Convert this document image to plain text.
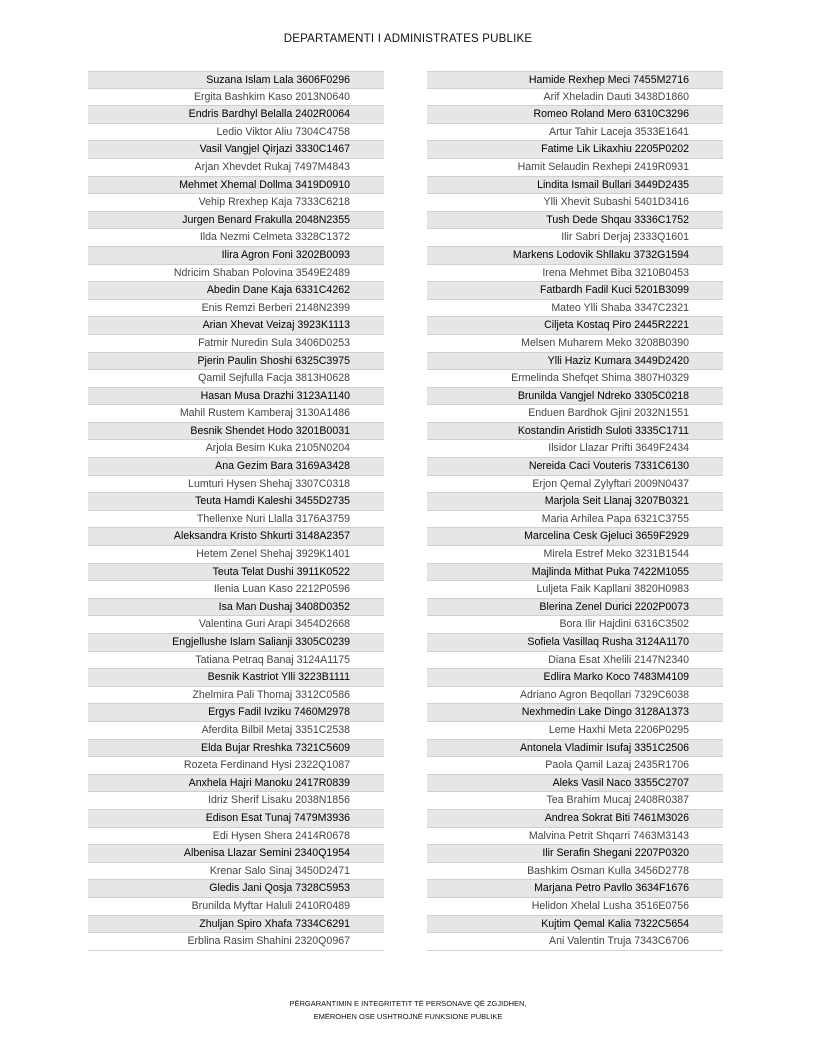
DEPARTAMENTI I ADMINISTRATES PUBLIKE
Suzana Islam Lala 3606F0296
Ergita Bashkim Kaso 2013N0640
Endris Bardhyl Belalla 2402R0064
Ledio Viktor Aliu 7304C4758
Vasil Vangjel Qirjazi 3330C1467
Arjan Xhevdet Rukaj 7497M4843
Mehmet Xhemal Dollma 3419D0910
Vehip Rrexhep Kaja 7333C6218
Jurgen Benard Frakulla 2048N2355
Ilda Nezmi Celmeta 3328C1372
Ilira Agron Foni 3202B0093
Ndricim Shaban Polovina 3549E2489
Abedin Dane Kaja 6331C4262
Enis Remzi Berberi 2148N2399
Arian Xhevat Veizaj 3923K1113
Fatmir Nuredin Sula 3406D0253
Pjerin Paulin Shoshi 6325C3975
Qamil Sejfulla Facja 3813H0628
Hasan Musa Drazhi 3123A1140
Mahil Rustem Kamberaj 3130A1486
Besnik Shendet Hodo 3201B0031
Arjola Besim Kuka 2105N0204
Ana Gezim Bara 3169A3428
Lumturi Hysen Shehaj 3307C0318
Teuta Hamdi Kaleshi 3455D2735
Thellenxe Nuri Llalla 3176A3759
Aleksandra Kristo Shkurti 3148A2357
Hetem Zenel Shehaj 3929K1401
Teuta Telat Dushi 3911K0522
Ilenia Luan Kaso 2212P0596
Isa Man Dushaj 3408D0352
Valentina Guri Arapi 3454D2668
Engjellushe Islam Salianji 3305C0239
Tatiana Petraq Banaj 3124A1175
Besnik Kastriot Ylli 3223B1111
Zhelmira Pali Thomaj 3312C0586
Ergys Fadil Ivziku 7460M2978
Aferdita Bilbil Metaj 3351C2538
Elda Bujar Rreshka 7321C5609
Rozeta Ferdinand Hysi 2322Q1087
Anxhela Hajri Manoku 2417R0839
Idriz Sherif Lisaku 2038N1856
Edison Esat Tunaj 7479M3936
Edi Hysen Shera 2414R0678
Albenisa Llazar Semini 2340Q1954
Krenar Salo Sinaj 3450D2471
Gledis Jani Qosja 7328C5953
Brunilda Myftar Haluli 2410R0489
Zhuljan Spiro Xhafa 7334C6291
Erblina Rasim Shahini 2320Q0967
Hamide Rexhep Meci 7455M2716
Arif Xheladin Dauti 3438D1860
Romeo Roland Mero 6310C3296
Artur Tahir Laceja 3533E1641
Fatime Lik Likaxhiu 2205P0202
Hamit Selaudin Rexhepi 2419R0931
Lindita Ismail Bullari 3449D2435
Ylli Xhevit Subashi 5401D3416
Tush Dede Shqau 3336C1752
Ilir Sabri Derjaj 2333Q1601
Markens Lodovik Shllaku 3732G1594
Irena Mehmet Biba 3210B0453
Fatbardh Fadil Kuci 5201B3099
Mateo Ylli Shaba 3347C2321
Ciljeta Kostaq Piro 2445R2221
Melsen Muharem Meko 3208B0390
Ylli Haziz Kumara 3449D2420
Ermelinda Shefqet Shima 3807H0329
Brunilda Vangjel Ndreko 3305C0218
Enduen Bardhok Gjini 2032N1551
Kostandin Aristidh Suloti 3335C1711
Ilsidor Llazar Prifti 3649F2434
Nereida Caci Vouteris 7331C6130
Erjon Qemal Zylyftari 2009N0437
Marjola Seit Llanaj 3207B0321
Maria Arhilea Papa 6321C3755
Marcelina Cesk Gjeluci 3659F2929
Mirela Estref Meko 3231B1544
Majlinda Mithat Puka 7422M1055
Luljeta Faik Kapllani 3820H0983
Blerina Zenel Durici 2202P0073
Bora Ilir Hajdini 6316C3502
Sofiela Vasillaq Rusha 3124A1170
Diana Esat Xhelili 2147N2340
Edlira Marko Koco 7483M4109
Adriano Agron Beqollari 7329C6038
Nexhmedin Lake Dingo 3128A1373
Leme Haxhi Meta 2206P0295
Antonela Vladimir Isufaj 3351C2506
Paola Qamil Lazaj 2435R1706
Aleks Vasil Naco 3355C2707
Tea Brahim Mucaj 2408R0387
Andrea Sokrat Biti 7461M3026
Malvina Petrit Shqarri 7463M3143
Ilir Serafin Shegani 2207P0320
Bashkim Osman Kulla 3456D2778
Marjana Petro Pavllo 3634F1676
Helidon Xhelal Lusha 3516E0756
Kujtim Qemal Kalia 7322C5654
Ani Valentin Truja 7343C6706
PËRGARANTIMIN E INTEGRITETIT TË PERSONAVE QË ZGJIDHEN,
EMËROHEN OSE USHTROJNË FUNKSIONE PUBLIKE
